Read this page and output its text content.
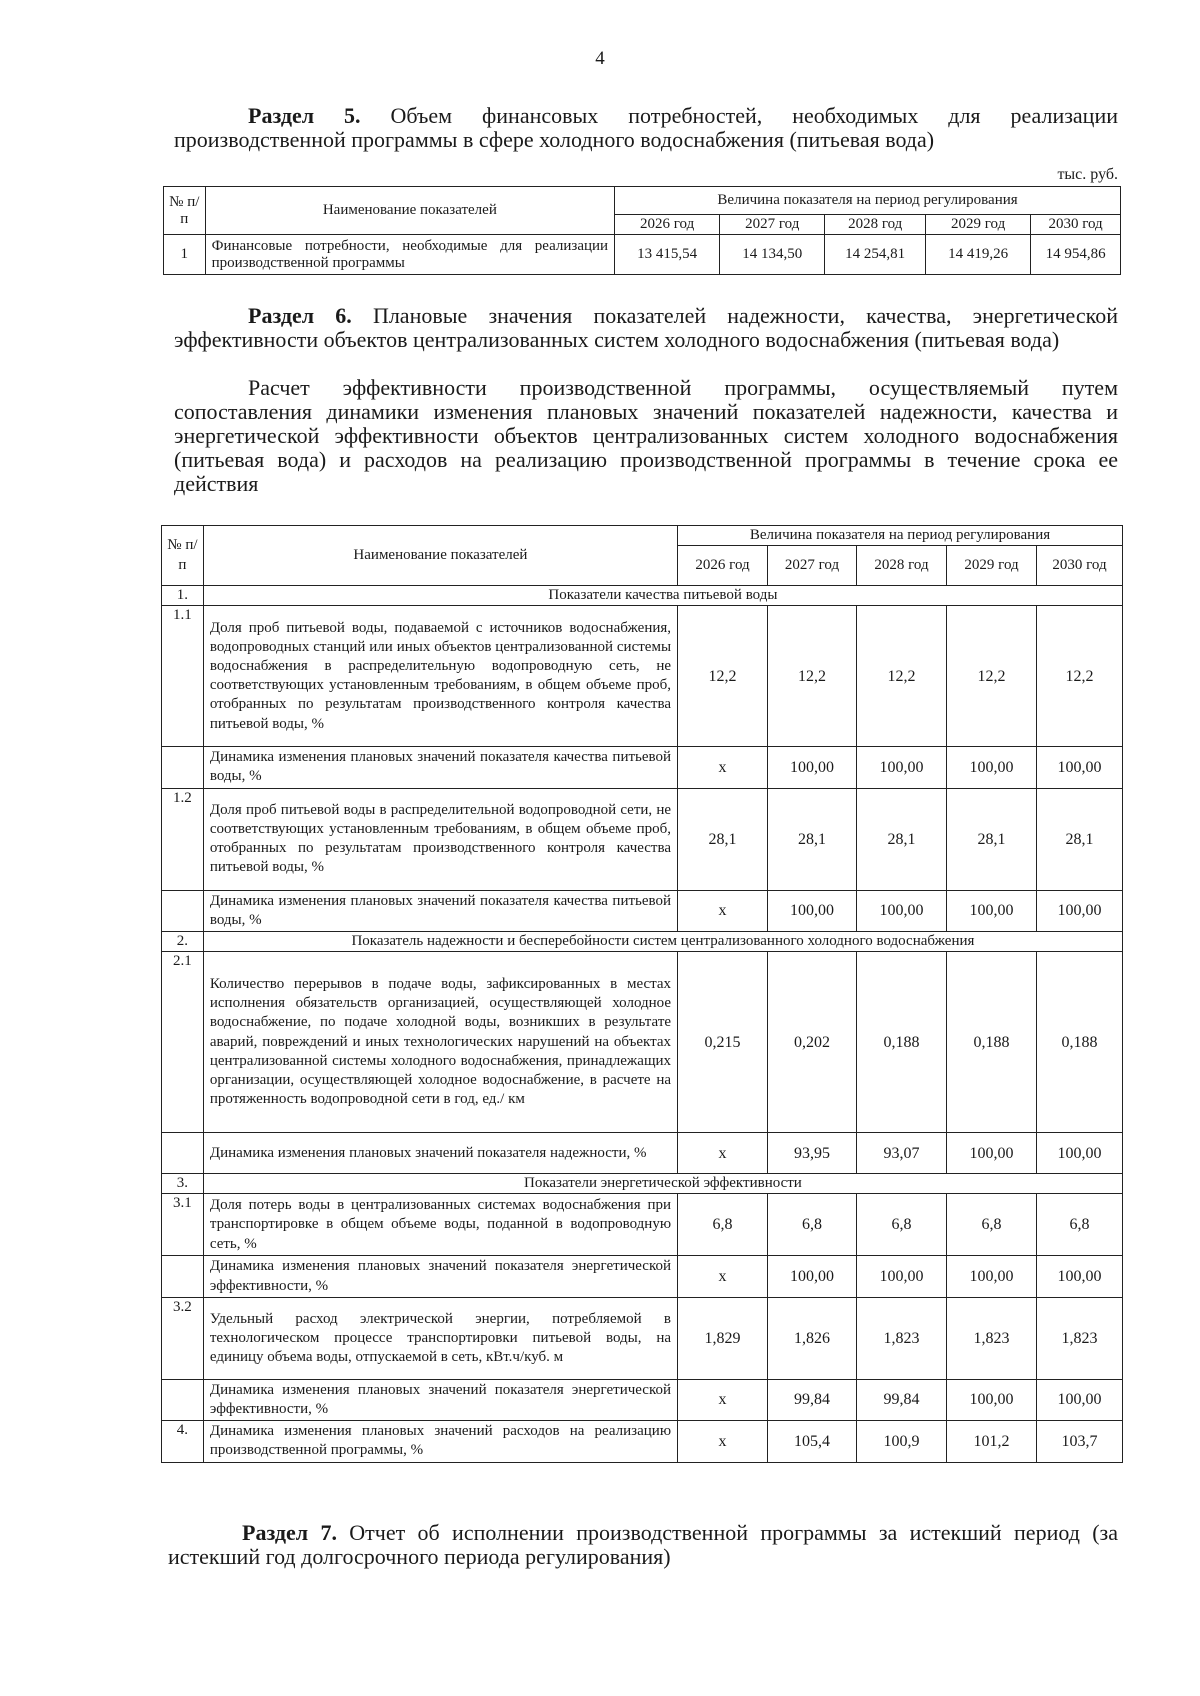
4
Раздел 5. Объем финансовых потребностей, необходимых для реализации производственной программы в сфере холодного водоснабжения (питьевая вода)
тыс. руб.
№ п/п	Наименование показателей	Величина показателя на период регулирования				
		2026 год	2027 год	2028 год	2029 год	2030 год
1	Финансовые потребности, необходимые для реализации производственной программы	13 415,54	14 134,50	14 254,81	14 419,26	14 954,86
Раздел 6. Плановые значения показателей надежности, качества, энергетической эффективности объектов централизованных систем холодного водоснабжения (питьевая вода)
Расчет эффективности производственной программы, осуществляемый путем сопоставления динамики изменения плановых значений показателей надежности, качества и энергетической эффективности объектов централизованных систем холодного водоснабжения (питьевая вода) и расходов на реализацию производственной программы в течение срока ее действия
№ п/п	Наименование показателей	Величина показателя на период регулирования				
		2026 год	2027 год	2028 год	2029 год	2030 год
1.	Показатели качества питьевой воды					
1.1	Доля проб питьевой воды, подаваемой с источников водоснабжения, водопроводных станций или иных объектов централизованной системы водоснабжения в распределительную водопроводную сеть, не соответствующих установленным требованиям, в общем объеме проб, отобранных по результатам производственного контроля качества питьевой воды, %	12,2	12,2	12,2	12,2	12,2
	Динамика изменения плановых значений показателя качества питьевой воды, %	х	100,00	100,00	100,00	100,00
1.2	Доля проб питьевой воды в распределительной водопроводной сети, не соответствующих установленным требованиям, в общем объеме проб, отобранных по результатам производственного контроля качества питьевой воды, %	28,1	28,1	28,1	28,1	28,1
	Динамика изменения плановых значений показателя качества питьевой воды, %	х	100,00	100,00	100,00	100,00
2.	Показатель надежности и бесперебойности систем централизованного холодного водоснабжения					
2.1	Количество перерывов в подаче воды, зафиксированных в местах исполнения обязательств организацией, осуществляющей холодное водоснабжение, по подаче холодной воды, возникших в результате аварий, повреждений и иных технологических нарушений на объектах централизованной системы холодного водоснабжения, принадлежащих организации, осуществляющей холодное водоснабжение, в расчете на протяженность водопроводной сети в год, ед./ км	0,215	0,202	0,188	0,188	0,188
	Динамика изменения плановых значений показателя надежности, %	х	93,95	93,07	100,00	100,00
3.	Показатели энергетической эффективности					
3.1	Доля потерь воды в централизованных системах водоснабжения при транспортировке в общем объеме воды, поданной в водопроводную сеть, %	6,8	6,8	6,8	6,8	6,8
	Динамика изменения плановых значений показателя энергетической эффективности, %	х	100,00	100,00	100,00	100,00
3.2	Удельный расход электрической энергии, потребляемой в технологическом процессе транспортировки питьевой воды, на единицу объема воды, отпускаемой в сеть, кВт.ч/куб. м	1,829	1,826	1,823	1,823	1,823
	Динамика изменения плановых значений показателя энергетической эффективности, %	х	99,84	99,84	100,00	100,00
4.	Динамика изменения плановых значений расходов на реализацию производственной программы, %	х	105,4	100,9	101,2	103,7
Раздел 7. Отчет об исполнении производственной программы за истекший период (за истекший год долгосрочного периода регулирования)
